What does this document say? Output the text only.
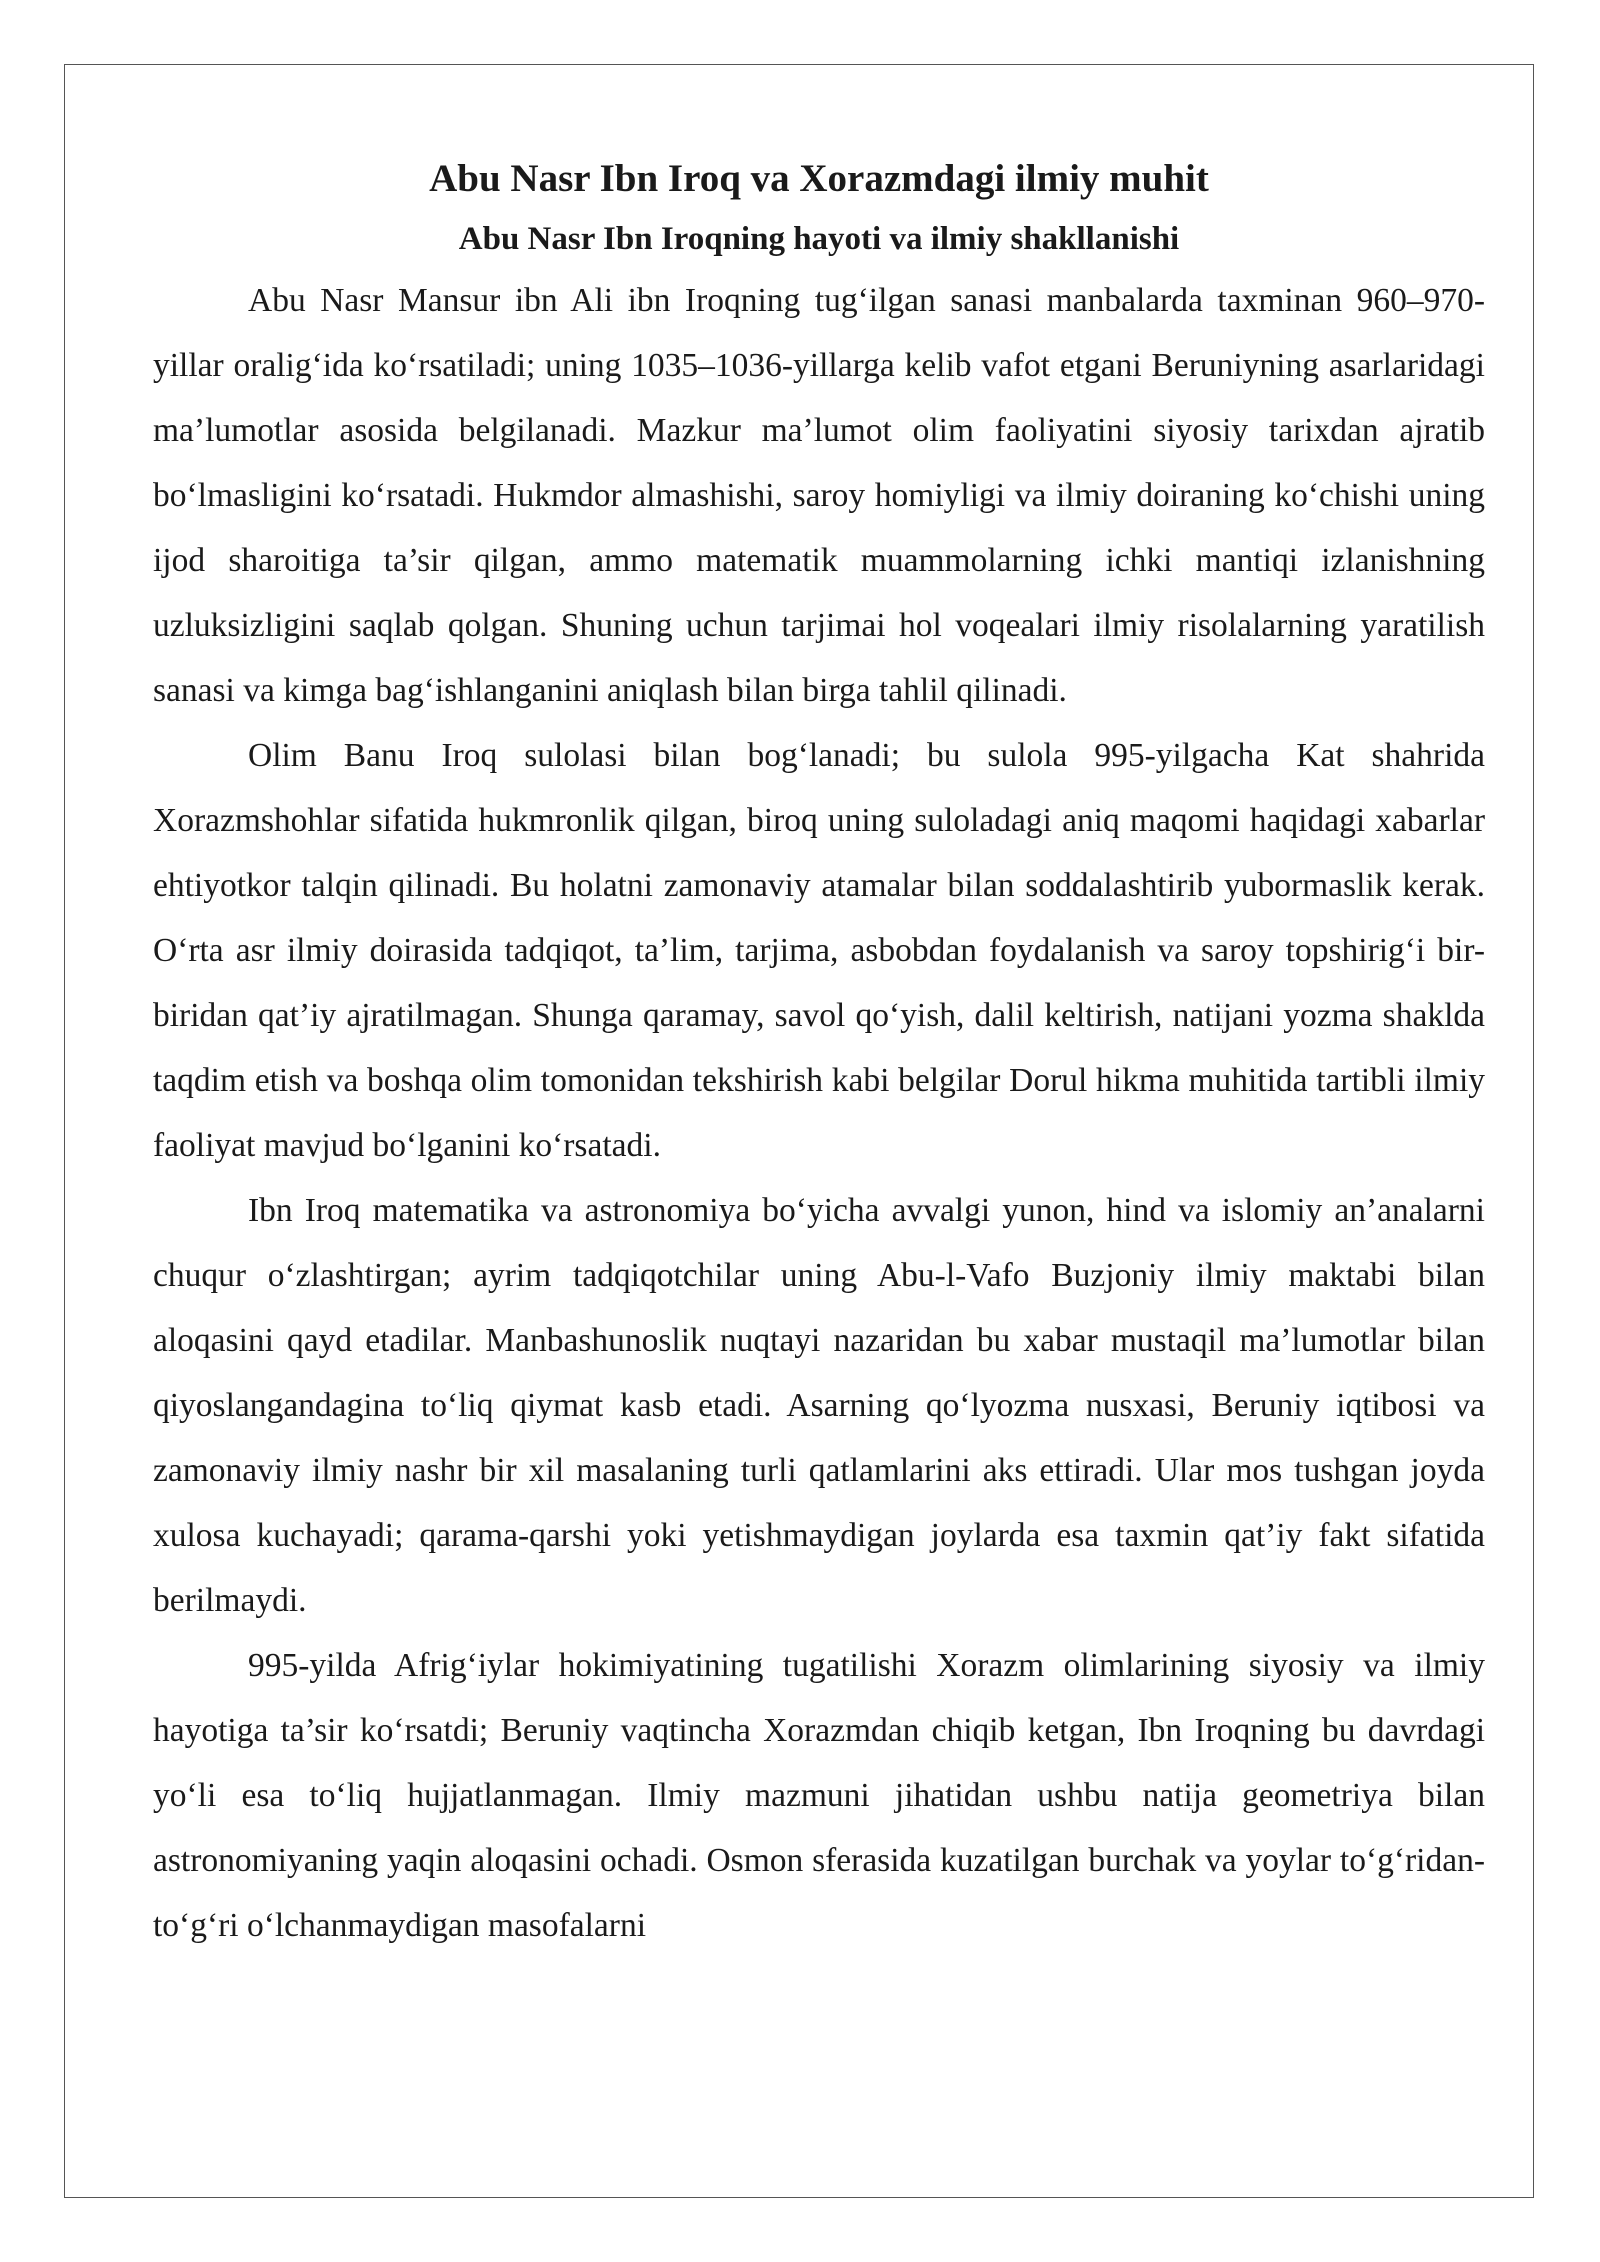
Abu Nasr Ibn Iroq va Xorazmdagi ilmiy muhit
Abu Nasr Ibn Iroqning hayoti va ilmiy shakllanishi

Abu Nasr Mansur ibn Ali ibn Iroqning tug‘ilgan sanasi manbalarda taxminan 960–970-yillar oralig‘ida ko‘rsatiladi; uning 1035–1036-yillarga kelib vafot etgani Beruniyning asarlaridagi ma’lumotlar asosida belgilanadi. Mazkur ma’lumot olim faoliyatini siyosiy tarixdan ajratib bo‘lmasligini ko‘rsatadi. Hukmdor almashishi, saroy homiyligi va ilmiy doiraning ko‘chishi uning ijod sharoitiga ta’sir qilgan, ammo matematik muammolarning ichki mantiqi izlanishning uzluksizligini saqlab qolgan. Shuning uchun tarjimai hol voqealari ilmiy risolalarning yaratilish sanasi va kimga bag‘ishlanganini aniqlash bilan birga tahlil qilinadi.

Olim Banu Iroq sulolasi bilan bog‘lanadi; bu sulola 995-yilgacha Kat shahrida Xorazmshohlar sifatida hukmronlik qilgan, biroq uning suloladagi aniq maqomi haqidagi xabarlar ehtiyotkor talqin qilinadi. Bu holatni zamonaviy atamalar bilan soddalashtirib yubormaslik kerak. O‘rta asr ilmiy doirasida tadqiqot, ta’lim, tarjima, asbobdan foydalanish va saroy topshirig‘i bir-biridan qat’iy ajratilmagan. Shunga qaramay, savol qo‘yish, dalil keltirish, natijani yozma shaklda taqdim etish va boshqa olim tomonidan tekshirish kabi belgilar Dorul hikma muhitida tartibli ilmiy faoliyat mavjud bo‘lganini ko‘rsatadi.

Ibn Iroq matematika va astronomiya bo‘yicha avvalgi yunon, hind va islomiy an’analarni chuqur o‘zlashtirgan; ayrim tadqiqotchilar uning Abu-l-Vafo Buzjoniy ilmiy maktabi bilan aloqasini qayd etadilar. Manbashunoslik nuqtayi nazaridan bu xabar mustaqil ma’lumotlar bilan qiyoslangandagina to‘liq qiymat kasb etadi. Asarning qo‘lyozma nusxasi, Beruniy iqtibosi va zamonaviy ilmiy nashr bir xil masalaning turli qatlamlarini aks ettiradi. Ular mos tushgan joyda xulosa kuchayadi; qarama-qarshi yoki yetishmaydigan joylarda esa taxmin qat’iy fakt sifatida berilmaydi.

995-yilda Afrig‘iylar hokimiyatining tugatilishi Xorazm olimlarining siyosiy va ilmiy hayotiga ta’sir ko‘rsatdi; Beruniy vaqtincha Xorazmdan chiqib ketgan, Ibn Iroqning bu davrdagi yo‘li esa to‘liq hujjatlanmagan. Ilmiy mazmuni jihatidan ushbu natija geometriya bilan astronomiyaning yaqin aloqasini ochadi. Osmon sferasida kuzatilgan burchak va yoylar to‘g‘ridan-to‘g‘ri o‘lchanmaydigan masofalarni
